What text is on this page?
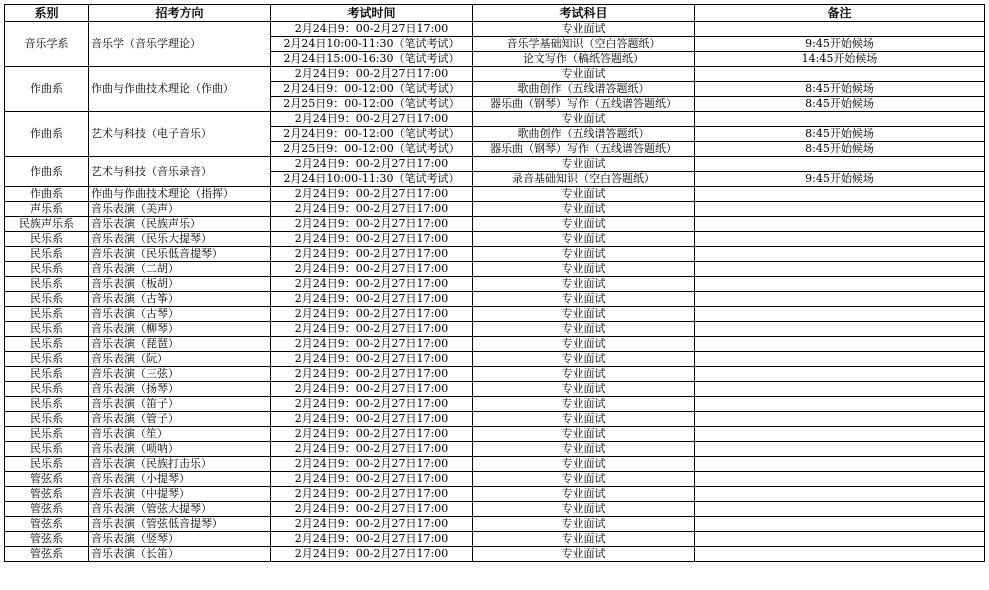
系别	招考方向	考试时间	考试科目	备注
音乐学系	音乐学（音乐学理论）	2月24日9：00-2月27日17:00	专业面试	
		2月24日10:00-11:30（笔试考试）	音乐学基础知识（空白答题纸）	9:45开始候场
		2月24日15:00-16:30（笔试考试）	论文写作（稿纸答题纸）	14:45开始候场
作曲系	作曲与作曲技术理论（作曲）	2月24日9：00-2月27日17:00	专业面试	
		2月24日9：00-12:00（笔试考试）	歌曲创作（五线谱答题纸）	8:45开始候场
		2月25日9：00-12:00（笔试考试）	器乐曲（钢琴）写作（五线谱答题纸）	8:45开始候场
作曲系	艺术与科技（电子音乐）	2月24日9：00-2月27日17:00	专业面试	
		2月24日9：00-12:00（笔试考试）	歌曲创作（五线谱答题纸）	8:45开始候场
		2月25日9：00-12:00（笔试考试）	器乐曲（钢琴）写作（五线谱答题纸）	8:45开始候场
作曲系	艺术与科技（音乐录音）	2月24日9：00-2月27日17:00	专业面试	
		2月24日10:00-11:30（笔试考试）	录音基础知识（空白答题纸）	9:45开始候场
作曲系	作曲与作曲技术理论（指挥）	2月24日9：00-2月27日17:00	专业面试	
声乐系	音乐表演（美声）	2月24日9：00-2月27日17:00	专业面试	
民族声乐系	音乐表演（民族声乐）	2月24日9：00-2月27日17:00	专业面试	
民乐系	音乐表演（民乐大提琴）	2月24日9：00-2月27日17:00	专业面试	
民乐系	音乐表演（民乐低音提琴）	2月24日9：00-2月27日17:00	专业面试	
民乐系	音乐表演（二胡）	2月24日9：00-2月27日17:00	专业面试	
民乐系	音乐表演（板胡）	2月24日9：00-2月27日17:00	专业面试	
民乐系	音乐表演（古筝）	2月24日9：00-2月27日17:00	专业面试	
民乐系	音乐表演（古琴）	2月24日9：00-2月27日17:00	专业面试	
民乐系	音乐表演（柳琴）	2月24日9：00-2月27日17:00	专业面试	
民乐系	音乐表演（琵琶）	2月24日9：00-2月27日17:00	专业面试	
民乐系	音乐表演（阮）	2月24日9：00-2月27日17:00	专业面试	
民乐系	音乐表演（三弦）	2月24日9：00-2月27日17:00	专业面试	
民乐系	音乐表演（扬琴）	2月24日9：00-2月27日17:00	专业面试	
民乐系	音乐表演（笛子）	2月24日9：00-2月27日17:00	专业面试	
民乐系	音乐表演（管子）	2月24日9：00-2月27日17:00	专业面试	
民乐系	音乐表演（笙）	2月24日9：00-2月27日17:00	专业面试	
民乐系	音乐表演（唢呐）	2月24日9：00-2月27日17:00	专业面试	
民乐系	音乐表演（民族打击乐）	2月24日9：00-2月27日17:00	专业面试	
管弦系	音乐表演（小提琴）	2月24日9：00-2月27日17:00	专业面试	
管弦系	音乐表演（中提琴）	2月24日9：00-2月27日17:00	专业面试	
管弦系	音乐表演（管弦大提琴）	2月24日9：00-2月27日17:00	专业面试	
管弦系	音乐表演（管弦低音提琴）	2月24日9：00-2月27日17:00	专业面试	
管弦系	音乐表演（竖琴）	2月24日9：00-2月27日17:00	专业面试	
管弦系	音乐表演（长笛）	2月24日9：00-2月27日17:00	专业面试	
